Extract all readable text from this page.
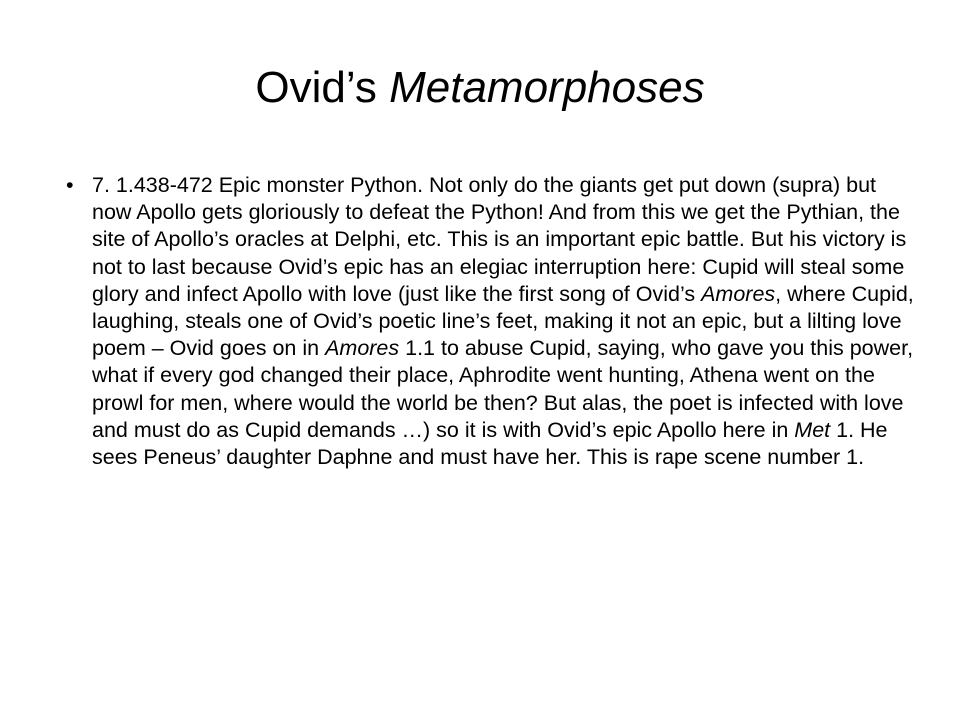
Ovid’s Metamorphoses
• 7. 1.438-472 Epic monster Python. Not only do the giants get put down (supra) but now Apollo gets gloriously to defeat the Python! And from this we get the Pythian, the site of Apollo’s oracles at Delphi, etc. This is an important epic battle. But his victory is not to last because Ovid’s epic has an elegiac interruption here: Cupid will steal some glory and infect Apollo with love (just like the first song of Ovid’s Amores, where Cupid, laughing, steals one of Ovid’s poetic line’s feet, making it not an epic, but a lilting love poem – Ovid goes on in Amores 1.1 to abuse Cupid, saying, who gave you this power, what if every god changed their place, Aphrodite went hunting, Athena went on the prowl for men, where would the world be then? But alas, the poet is infected with love and must do as Cupid demands …) so it is with Ovid’s epic Apollo here in Met 1. He sees Peneus’ daughter Daphne and must have her. This is rape scene number 1.
